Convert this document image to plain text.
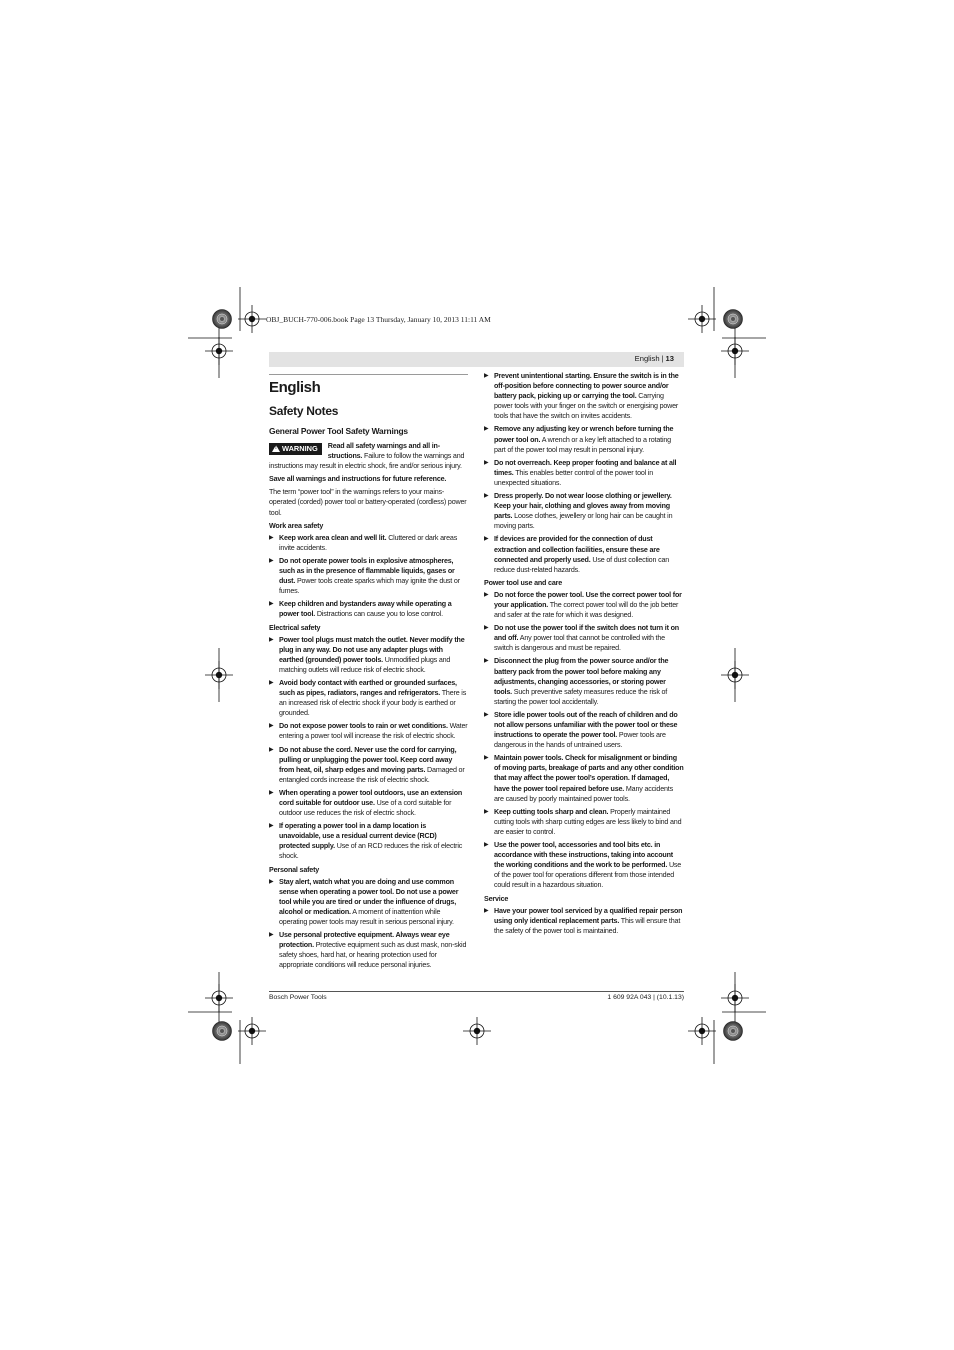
OBJ_BUCH-770-006.book Page 13 Thursday, January 10, 2013 11:11 AM
English | 13
English
Safety Notes
General Power Tool Safety Warnings
!WARNING	Read all safety warnings and all in-structions. Failure to follow the warnings and instructions may result in electric shock, fire and/or serious injury.
Save all warnings and instructions for future reference.
The term “power tool” in the warnings refers to your mains-operated (corded) power tool or battery-operated (cordless) power tool.
Work area safety
▶ Keep work area clean and well lit. Cluttered or dark areas invite accidents.
▶ Do not operate power tools in explosive atmospheres, such as in the presence of flammable liquids, gases or dust. Power tools create sparks which may ignite the dust or fumes.
▶ Keep children and bystanders away while operating a power tool. Distractions can cause you to lose control.
Electrical safety
▶ Power tool plugs must match the outlet. Never modify the plug in any way. Do not use any adapter plugs with earthed (grounded) power tools. Unmodified plugs and matching outlets will reduce risk of electric shock.
▶ Avoid body contact with earthed or grounded surfaces, such as pipes, radiators, ranges and refrigerators. There is an increased risk of electric shock if your body is earthed or grounded.
▶ Do not expose power tools to rain or wet conditions. Water entering a power tool will increase the risk of electric shock.
▶ Do not abuse the cord. Never use the cord for carrying, pulling or unplugging the power tool. Keep cord away from heat, oil, sharp edges and moving parts. Damaged or entangled cords increase the risk of electric shock.
▶ When operating a power tool outdoors, use an extension cord suitable for outdoor use. Use of a cord suitable for outdoor use reduces the risk of electric shock.
▶ If operating a power tool in a damp location is unavoidable, use a residual current device (RCD) protected supply. Use of an RCD reduces the risk of electric shock.
Personal safety
▶ Stay alert, watch what you are doing and use common sense when operating a power tool. Do not use a power tool while you are tired or under the influence of drugs, alcohol or medication. A moment of inattention while operating power tools may result in serious personal injury.
▶ Use personal protective equipment. Always wear eye protection. Protective equipment such as dust mask, non-skid safety shoes, hard hat, or hearing protection used for appropriate conditions will reduce personal injuries.
▶ Prevent unintentional starting. Ensure the switch is in the off-position before connecting to power source and/or battery pack, picking up or carrying the tool. Carrying power tools with your finger on the switch or energising power tools that have the switch on invites accidents.
▶ Remove any adjusting key or wrench before turning the power tool on. A wrench or a key left attached to a rotating part of the power tool may result in personal injury.
▶ Do not overreach. Keep proper footing and balance at all times. This enables better control of the power tool in unexpected situations.
▶ Dress properly. Do not wear loose clothing or jewellery. Keep your hair, clothing and gloves away from moving parts. Loose clothes, jewellery or long hair can be caught in moving parts.
▶ If devices are provided for the connection of dust extraction and collection facilities, ensure these are connected and properly used. Use of dust collection can reduce dust-related hazards.
Power tool use and care
▶ Do not force the power tool. Use the correct power tool for your application. The correct power tool will do the job better and safer at the rate for which it was designed.
▶ Do not use the power tool if the switch does not turn it on and off. Any power tool that cannot be controlled with the switch is dangerous and must be repaired.
▶ Disconnect the plug from the power source and/or the battery pack from the power tool before making any adjustments, changing accessories, or storing power tools. Such preventive safety measures reduce the risk of starting the power tool accidentally.
▶ Store idle power tools out of the reach of children and do not allow persons unfamiliar with the power tool or these instructions to operate the power tool. Power tools are dangerous in the hands of untrained users.
▶ Maintain power tools. Check for misalignment or binding of moving parts, breakage of parts and any other condition that may affect the power tool’s operation. If damaged, have the power tool repaired before use. Many accidents are caused by poorly maintained power tools.
▶ Keep cutting tools sharp and clean. Properly maintained cutting tools with sharp cutting edges are less likely to bind and are easier to control.
▶ Use the power tool, accessories and tool bits etc. in accordance with these instructions, taking into account the working conditions and the work to be performed. Use of the power tool for operations different from those intended could result in a hazardous situation.
Service
▶ Have your power tool serviced by a qualified repair person using only identical replacement parts. This will ensure that the safety of the power tool is maintained.
Bosch Power Tools	1 609 92A 043 | (10.1.13)
